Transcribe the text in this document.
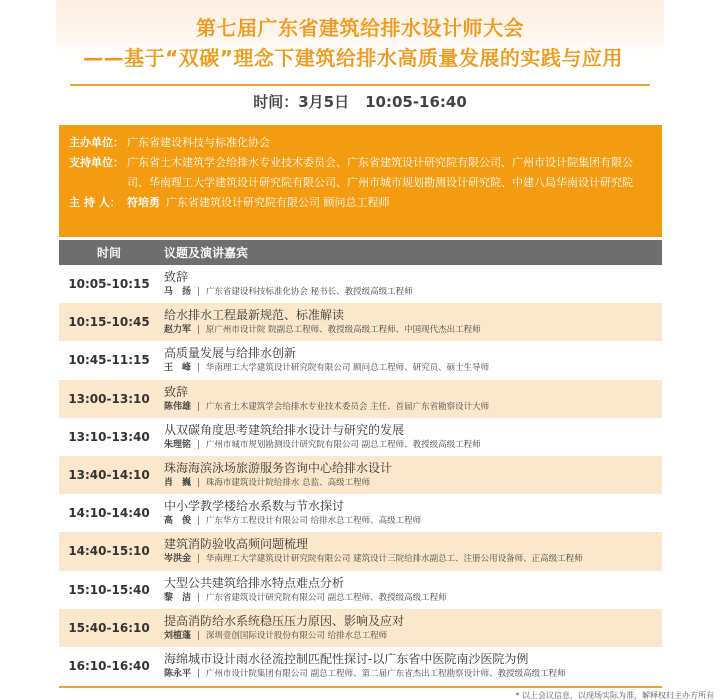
第七届广东省建筑给排水设计师大会
——基于“双碳”理念下建筑给排水高质量发展的实践与应用
时间：3月5日 10:05-16:40
主办单位： 广东省建设科技与标准化协会
支持单位： 广东省土木建筑学会给排水专业技术委员会、广东省建筑设计研究院有限公司、广州市设计院集团有限公司、华南理工大学建筑设计研究院有限公司、广州市城市规划勘测设计研究院、中建八局华南设计研究院
主 持 人： 符培勇 广东省建筑设计研究院有限公司 顾问总工程师
时间	议题及演讲嘉宾
10:05-10:15	致辞
马　扬 | 广东省建设科技标准化协会 秘书长、教授级高级工程师
10:15-10:45	给水排水工程最新规范、标准解读
赵力军 | 原广州市设计院 院副总工程师、教授级高级工程师、中国现代杰出工程师
10:45-11:15	高质量发展与给排水创新
王　峰 | 华南理工大学建筑设计研究院有限公司 顾问总工程师、研究员、硕士生导师
13:00-13:10	致辞
陈伟雄 | 广东省土木建筑学会给排水专业技术委员会 主任、首届广东省勘察设计大师
13:10-13:40	从双碳角度思考建筑给排水设计与研究的发展
朱理铭 | 广州市城市规划勘测设计研究院有限公司 副总工程师、教授级高级工程师
13:40-14:10	珠海海滨泳场旅游服务咨询中心给排水设计
肖　巍 | 珠海市建筑设计院给排水 总监、高级工程师
14:10-14:40	中小学教学楼给水系数与节水探讨
高　俊 | 广东华方工程设计有限公司 给排水总工程师、高级工程师
14:40-15:10	建筑消防验收高频问题梳理
岑洪金 | 华南理工大学建筑设计研究院有限公司 建筑设计三院给排水副总工、注册公用设备师、正高级工程师
15:10-15:40	大型公共建筑给排水特点难点分析
黎　洁 | 广东省建筑设计研究院有限公司 副总工程师、教授级高级工程师
15:40-16:10	提高消防给水系统稳压压力原因、影响及应对
刘植蓬 | 深圳壹创国际设计股份有限公司 给排水总工程师
16:10-16:40	海绵城市设计雨水径流控制匹配性探讨-以广东省中医院南沙医院为例
陈永平 | 广州市设计院集团有限公司 副总工程师、第二届广东省杰出工程勘察设计师、教授级高级工程师
* 以上会议信息，以现场实际为准，解释权归主办方所有
